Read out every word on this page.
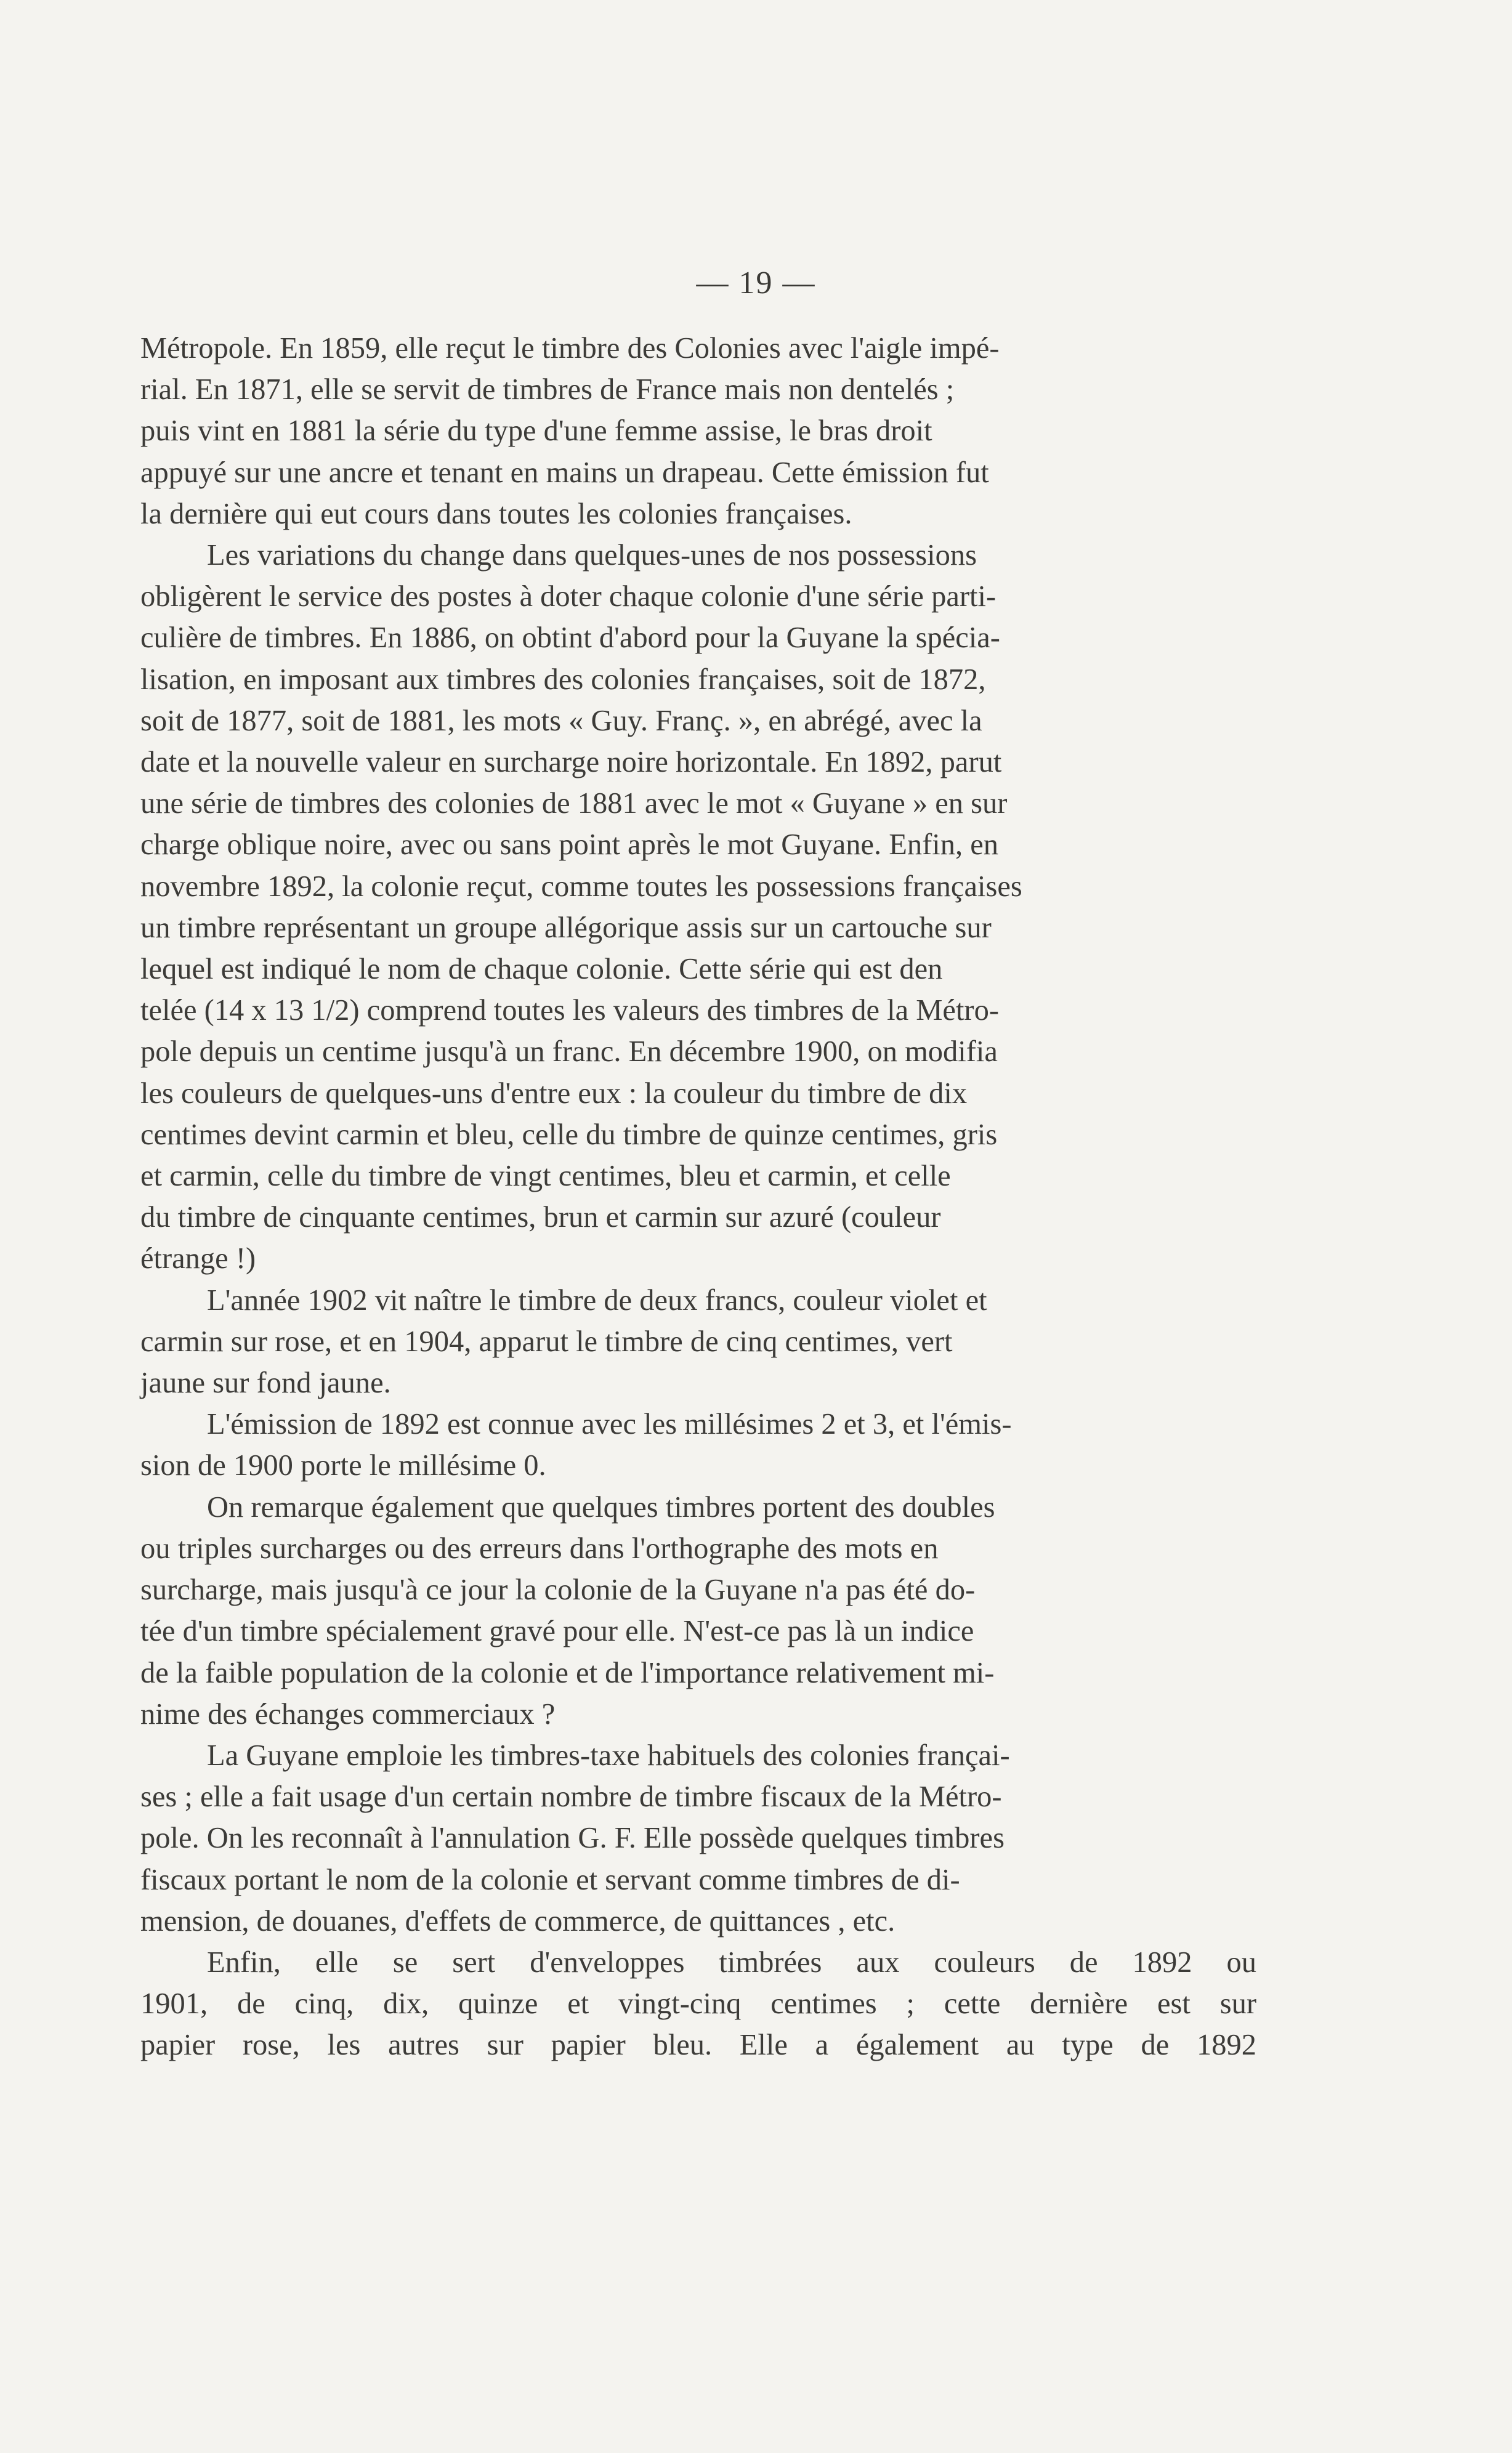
— 19 —

Métropole. En 1859, elle reçut le timbre des Colonies avec l'aigle impé-
rial. En 1871, elle se servit de timbres de France mais non dentelés ;
puis vint en 1881 la série du type d'une femme assise, le bras droit
appuyé sur une ancre et tenant en mains un drapeau. Cette émission fut
la dernière qui eut cours dans toutes les colonies françaises.

Les variations du change dans quelques-unes de nos possessions
obligèrent le service des postes à doter chaque colonie d'une série parti-
culière de timbres. En 1886, on obtint d'abord pour la Guyane la spécia-
lisation, en imposant aux timbres des colonies françaises, soit de 1872,
soit de 1877, soit de 1881, les mots « Guy. Franç. », en abrégé, avec la
date et la nouvelle valeur en surcharge noire horizontale. En 1892, parut
une série de timbres des colonies de 1881 avec le mot « Guyane » en sur
charge oblique noire, avec ou sans point après le mot Guyane. Enfin, en
novembre 1892, la colonie reçut, comme toutes les possessions françaises
un timbre représentant un groupe allégorique assis sur un cartouche sur
lequel est indiqué le nom de chaque colonie. Cette série qui est den
telée (14 x 13 1/2) comprend toutes les valeurs des timbres de la Métro-
pole depuis un centime jusqu'à un franc. En décembre 1900, on modifia
les couleurs de quelques-uns d'entre eux : la couleur du timbre de dix
centimes devint carmin et bleu, celle du timbre de quinze centimes, gris
et carmin, celle du timbre de vingt centimes, bleu et carmin, et celle
du timbre de cinquante centimes, brun et carmin sur azuré (couleur
étrange !)

L'année 1902 vit naître le timbre de deux francs, couleur violet et
carmin sur rose, et en 1904, apparut le timbre de cinq centimes, vert
jaune sur fond jaune.

L'émission de 1892 est connue avec les millésimes 2 et 3, et l'émis-
sion de 1900 porte le millésime 0.

On remarque également que quelques timbres portent des doubles
ou triples surcharges ou des erreurs dans l'orthographe des mots en
surcharge, mais jusqu'à ce jour la colonie de la Guyane n'a pas été do-
tée d'un timbre spécialement gravé pour elle. N'est-ce pas là un indice
de la faible population de la colonie et de l'importance relativement mi-
nime des échanges commerciaux ?

La Guyane emploie les timbres-taxe habituels des colonies françai-
ses ; elle a fait usage d'un certain nombre de timbre fiscaux de la Métro-
pole. On les reconnaît à l'annulation G. F. Elle possède quelques timbres
fiscaux portant le nom de la colonie et servant comme timbres de di-
mension, de douanes, d'effets de commerce, de quittances , etc.

Enfin, elle se sert d'enveloppes timbrées aux couleurs de 1892 ou
1901, de cinq, dix, quinze et vingt-cinq centimes ; cette dernière est sur
papier rose, les autres sur papier bleu. Elle a également au type de 1892
